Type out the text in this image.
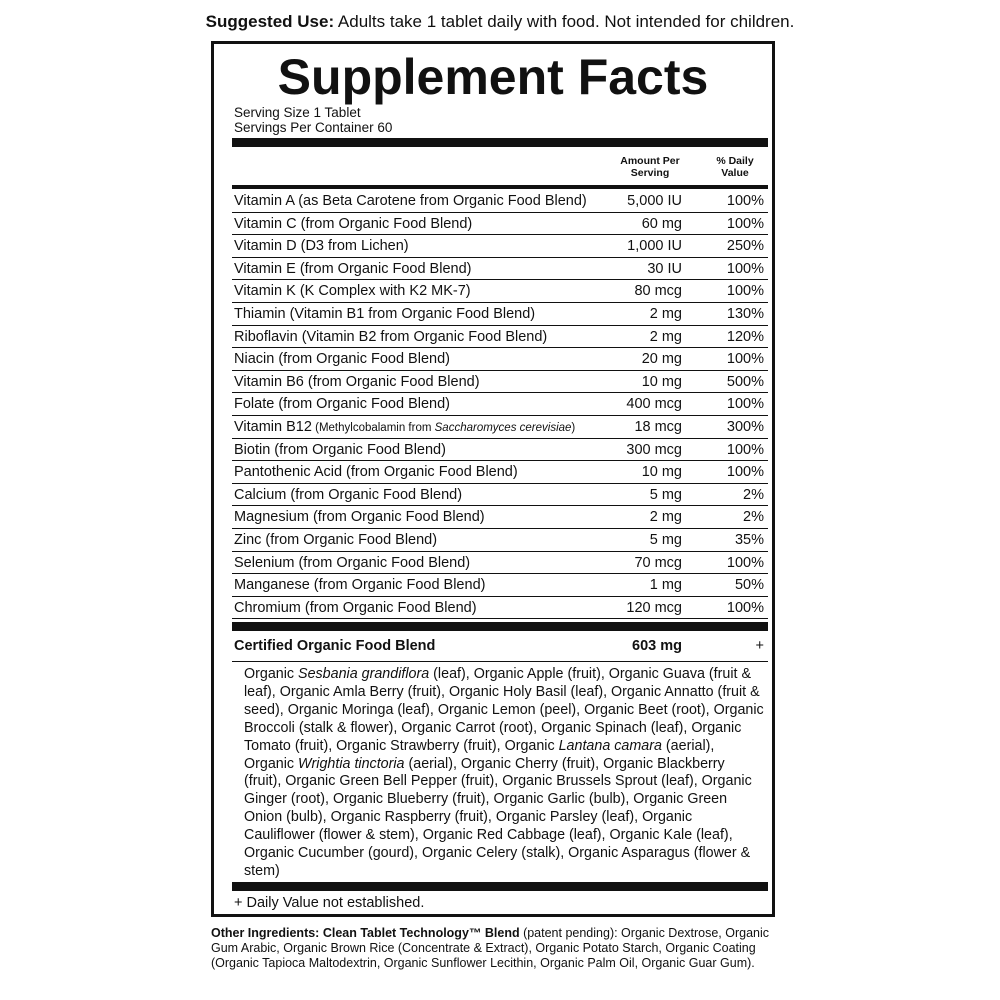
Suggested Use: Adults take 1 tablet daily with food. Not intended for children.
Supplement Facts
Serving Size 1 Tablet
Servings Per Container 60
Amount Per Serving
% Daily Value
Vitamin A (as Beta Carotene from Organic Food Blend)	5,000 IU	100%
Vitamin C (from Organic Food Blend)	60 mg	100%
Vitamin D (D3 from Lichen)	1,000 IU	250%
Vitamin E (from Organic Food Blend)	30 IU	100%
Vitamin K (K Complex with K2 MK-7)	80 mcg	100%
Thiamin (Vitamin B1 from Organic Food Blend)	2 mg	130%
Riboflavin (Vitamin B2 from Organic Food Blend)	2 mg	120%
Niacin (from Organic Food Blend)	20 mg	100%
Vitamin B6 (from Organic Food Blend)	10 mg	500%
Folate (from Organic Food Blend)	400 mcg	100%
Vitamin B12 (Methylcobalamin from Saccharomyces cerevisiae)	18 mcg	300%
Biotin (from Organic Food Blend)	300 mcg	100%
Pantothenic Acid (from Organic Food Blend)	10 mg	100%
Calcium (from Organic Food Blend)	5 mg	2%
Magnesium (from Organic Food Blend)	2 mg	2%
Zinc (from Organic Food Blend)	5 mg	35%
Selenium (from Organic Food Blend)	70 mcg	100%
Manganese (from Organic Food Blend)	1 mg	50%
Chromium (from Organic Food Blend)	120 mcg	100%
Certified Organic Food Blend	603 mg	+
Organic Sesbania grandiflora (leaf), Organic Apple (fruit), Organic Guava (fruit & leaf), Organic Amla Berry (fruit), Organic Holy Basil (leaf), Organic Annatto (fruit & seed), Organic Moringa (leaf), Organic Lemon (peel), Organic Beet (root), Organic Broccoli (stalk & flower), Organic Carrot (root), Organic Spinach (leaf), Organic Tomato (fruit), Organic Strawberry (fruit), Organic Lantana camara (aerial), Organic Wrightia tinctoria (aerial), Organic Cherry (fruit), Organic Blackberry (fruit), Organic Green Bell Pepper (fruit), Organic Brussels Sprout (leaf), Organic Ginger (root), Organic Blueberry (fruit), Organic Garlic (bulb), Organic Green Onion (bulb), Organic Raspberry (fruit), Organic Parsley (leaf), Organic Cauliflower (flower & stem), Organic Red Cabbage (leaf), Organic Kale (leaf), Organic Cucumber (gourd), Organic Celery (stalk), Organic Asparagus (flower & stem)
+ Daily Value not established.
Other Ingredients: Clean Tablet Technology™ Blend (patent pending): Organic Dextrose, Organic Gum Arabic, Organic Brown Rice (Concentrate & Extract), Organic Potato Starch, Organic Coating (Organic Tapioca Maltodextrin, Organic Sunflower Lecithin, Organic Palm Oil, Organic Guar Gum).
